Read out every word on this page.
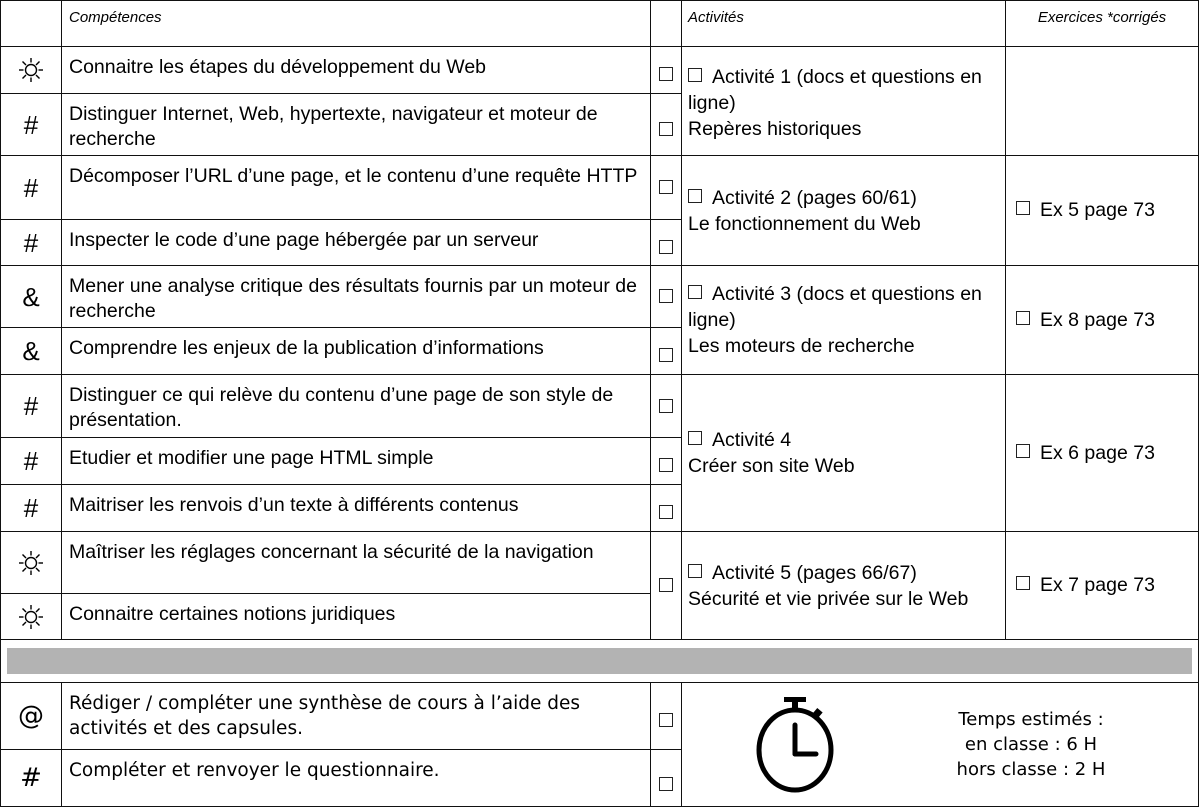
	Compétences		Activités	Exercices *corrigés

	Connaitre les étapes du développement du Web		Activité 1 (docs et questions en ligne)
Repères historiques	

#	Distinguer Internet, Web, hypertexte, navigateur et moteur de recherche			
#	Décomposer l’URL d’une page, et le contenu d’une requête HTTP		Activité 2 (pages 60/61)
Le fonctionnement du Web	Ex 5 page 73
#	Inspecter le code d’une page hébergée par un serveur			
&	Mener une analyse critique des résultats fournis par un moteur de recherche		Activité 3 (docs et questions en ligne)
Les moteurs de recherche	Ex 8 page 73
&	Comprendre les enjeux de la publication d’informations			
#	Distinguer ce qui relève du contenu d’une page de son style de présentation.		Activité 4
Créer son site Web	Ex 6 page 73
#	Etudier et modifier une page HTML simple			
#	Maitriser les renvois d’un texte à différents contenus			

	Maîtriser les réglages concernant la sécurité de la navigation		Activité 5 (pages 66/67)
Sécurité et vie privée sur le Web	Ex 7 page 73

	Connaitre certaines notions juridiques			

@	Rédiger / compléter une synthèse de cours à l’aide des activités et des capsules.		Temps estimés :
en classe : 6 H
hors classe : 2 H	

#	Compléter et renvoyer le questionnaire.			
